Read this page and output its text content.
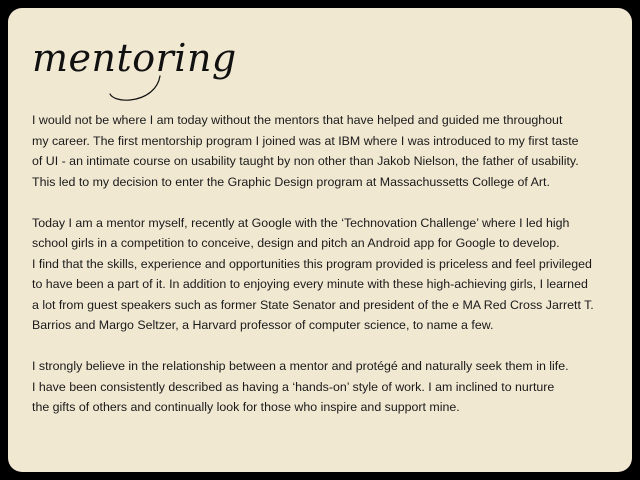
mentoring

I would not be where I am today without the mentors that have helped and guided me throughout
my career. The first mentorship program I joined was at IBM where I was introduced to my first taste
of UI - an intimate course on usability taught by non other than Jakob Nielson, the father of usability.
This led to my decision to enter the Graphic Design program at Massachussetts College of Art.

Today I am a mentor myself, recently at Google with the ‘Technovation Challenge’ where I led high
school girls in a competition to conceive, design and pitch an Android app for Google to develop.
I find that the skills, experience and opportunities this program provided is priceless and feel privileged
to have been a part of it. In addition to enjoying every minute with these high-achieving girls, I learned
a lot from guest speakers such as former State Senator and president of the e MA Red Cross Jarrett T.
Barrios and Margo Seltzer, a Harvard professor of computer science, to name a few.

I strongly believe in the relationship between a mentor and protégé and naturally seek them in life.
I have been consistently described as having a ‘hands-on’ style of work. I am inclined to nurture
the gifts of others and continually look for those who inspire and support mine.
